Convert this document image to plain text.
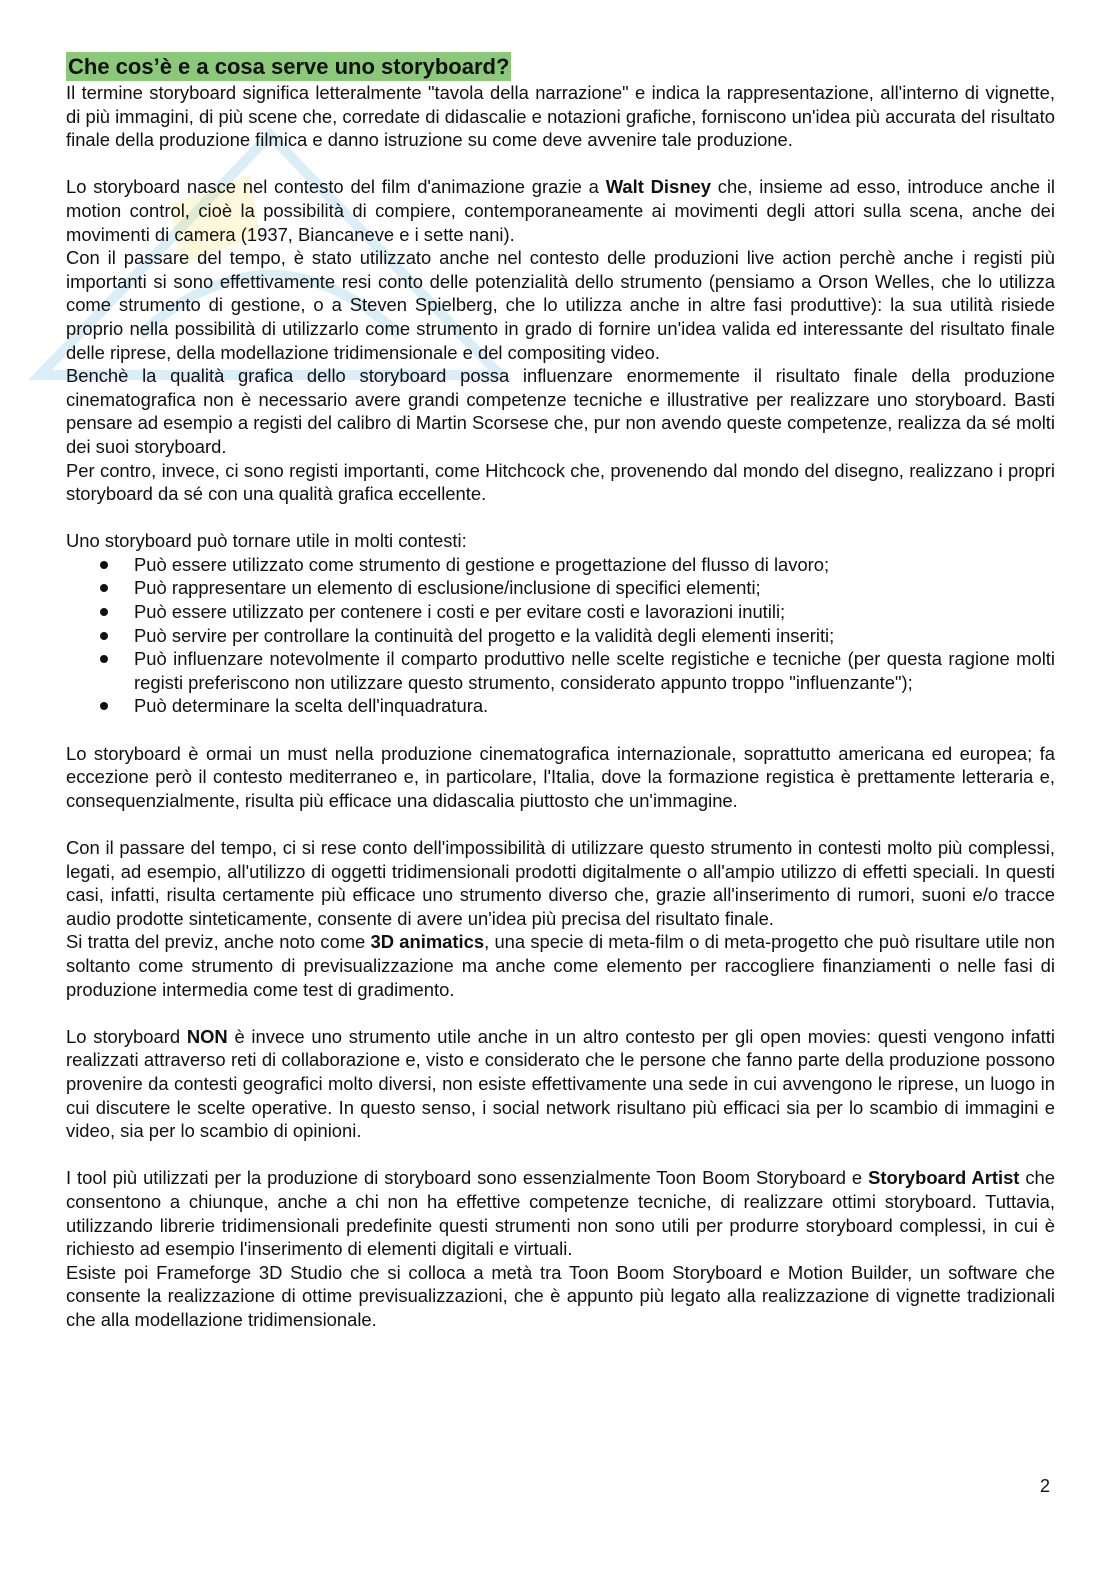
Che cos’è e a cosa serve uno storyboard?

Il termine storyboard significa letteralmente "tavola della narrazione" e indica la rappresentazione, all'interno di vignette, di più immagini, di più scene che, corredate di didascalie e notazioni grafiche, forniscono un'idea più accurata del risultato finale della produzione filmica e danno istruzione su come deve avvenire tale produzione.

Lo storyboard nasce nel contesto del film d'animazione grazie a Walt Disney che, insieme ad esso, introduce anche il motion control, cioè la possibilità di compiere, contemporaneamente ai movimenti degli attori sulla scena, anche dei movimenti di camera (1937, Biancaneve e i sette nani).

Con il passare del tempo, è stato utilizzato anche nel contesto delle produzioni live action perchè anche i registi più importanti si sono effettivamente resi conto delle potenzialità dello strumento (pensiamo a Orson Welles, che lo utilizza come strumento di gestione, o a Steven Spielberg, che lo utilizza anche in altre fasi produttive): la sua utilità risiede proprio nella possibilità di utilizzarlo come strumento in grado di fornire un'idea valida ed interessante del risultato finale delle riprese, della modellazione tridimensionale e del compositing video.

Benchè la qualità grafica dello storyboard possa influenzare enormemente il risultato finale della produzione cinematografica non è necessario avere grandi competenze tecniche e illustrative per realizzare uno storyboard. Basti pensare ad esempio a registi del calibro di Martin Scorsese che, pur non avendo queste competenze, realizza da sé molti dei suoi storyboard.

Per contro, invece, ci sono registi importanti, come Hitchcock che, provenendo dal mondo del disegno, realizzano i propri storyboard da sé con una qualità grafica eccellente.

Uno storyboard può tornare utile in molti contesti:

Può essere utilizzato come strumento di gestione e progettazione del flusso di lavoro;
Può rappresentare un elemento di esclusione/inclusione di specifici elementi;
Può essere utilizzato per contenere i costi e per evitare costi e lavorazioni inutili;
Può servire per controllare la continuità del progetto e la validità degli elementi inseriti;
Può influenzare notevolmente il comparto produttivo nelle scelte registiche e tecniche (per questa ragione molti registi preferiscono non utilizzare questo strumento, considerato appunto troppo "influenzante");
Può determinare la scelta dell'inquadratura.

Lo storyboard è ormai un must nella produzione cinematografica internazionale, soprattutto americana ed europea; fa eccezione però il contesto mediterraneo e, in particolare, l'Italia, dove la formazione registica è prettamente letteraria e, consequenzialmente, risulta più efficace una didascalia piuttosto che un'immagine.

Con il passare del tempo, ci si rese conto dell'impossibilità di utilizzare questo strumento in contesti molto più complessi, legati, ad esempio, all'utilizzo di oggetti tridimensionali prodotti digitalmente o all'ampio utilizzo di effetti speciali. In questi casi, infatti, risulta certamente più efficace uno strumento diverso che, grazie all'inserimento di rumori, suoni e/o tracce audio prodotte sinteticamente, consente di avere un'idea più precisa del risultato finale.

Si tratta del previz, anche noto come 3D animatics, una specie di meta-film o di meta-progetto che può risultare utile non soltanto come strumento di previsualizzazione ma anche come elemento per raccogliere finanziamenti o nelle fasi di produzione intermedia come test di gradimento.

Lo storyboard NON è invece uno strumento utile anche in un altro contesto per gli open movies: questi vengono infatti realizzati attraverso reti di collaborazione e, visto e considerato che le persone che fanno parte della produzione possono provenire da contesti geografici molto diversi, non esiste effettivamente una sede in cui avvengono le riprese, un luogo in cui discutere le scelte operative. In questo senso, i social network risultano più efficaci sia per lo scambio di immagini e video, sia per lo scambio di opinioni.

I tool più utilizzati per la produzione di storyboard sono essenzialmente Toon Boom Storyboard e Storyboard Artist che consentono a chiunque, anche a chi non ha effettive competenze tecniche, di realizzare ottimi storyboard. Tuttavia, utilizzando librerie tridimensionali predefinite questi strumenti non sono utili per produrre storyboard complessi, in cui è richiesto ad esempio l'inserimento di elementi digitali e virtuali.

Esiste poi Frameforge 3D Studio che si colloca a metà tra Toon Boom Storyboard e Motion Builder, un software che consente la realizzazione di ottime previsualizzazioni, che è appunto più legato alla realizzazione di vignette tradizionali che alla modellazione tridimensionale.

2
